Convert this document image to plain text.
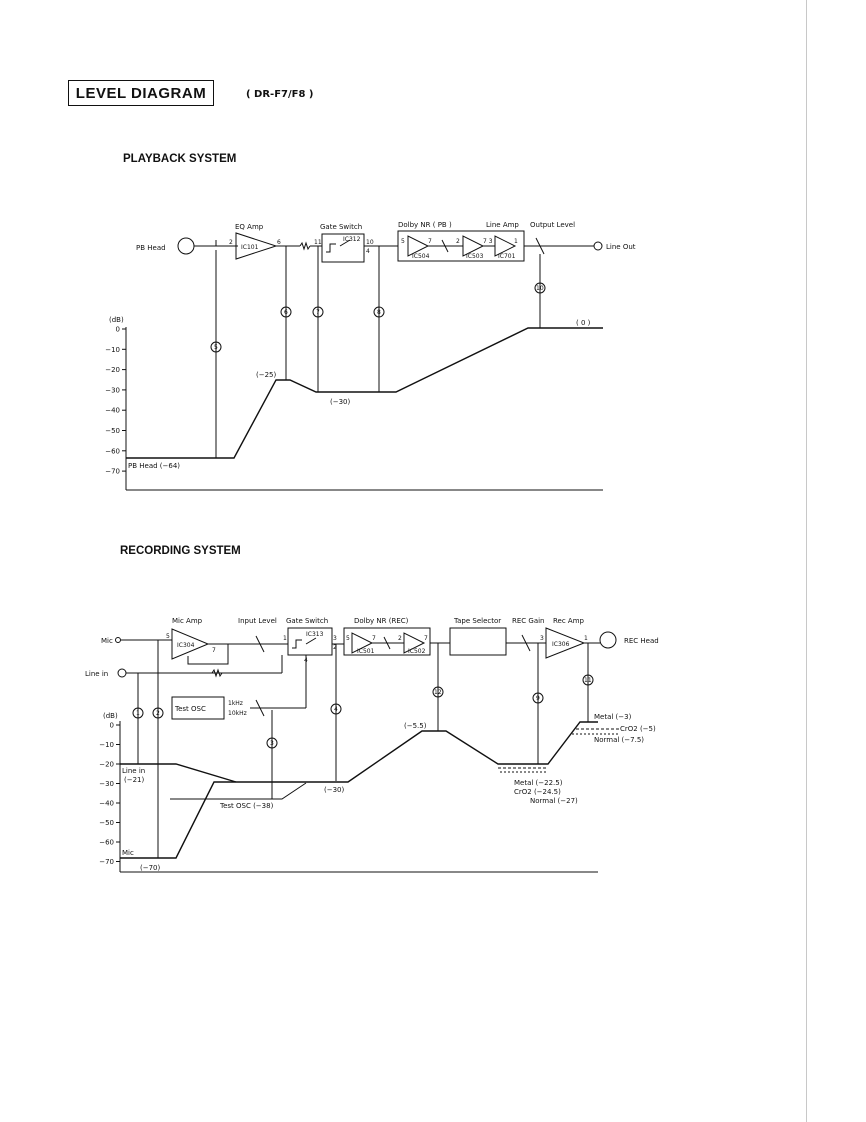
LEVEL DIAGRAM	( DR-F7/F8 )
PLAYBACK SYSTEM
RECORDING SYSTEM
PB Head
EQ Amp
IC101
2	6
Gate Switch
IC312
11	10
4
Dolby NR ( PB )	Line Amp Output Level
IC504	IC503 IC701
5	7	2	7 3	1
Line Out
5
6	7	8
10
(dB)
0
−10
−20
−30
−40
−50
−60
−70
PB Head (−64)
(−25)
(−30)
( 0 )
Mic
Line in
Mic Amp
IC304
5
7
Input Level Gate Switch
IC313
1	3
2
4
Test OSC
1kHz
10kHz
Dolby NR (REC)
IC501	IC502
5	7	2	7
Tape Selector REC Gain Rec Amp
IC306
3	1	REC Head
1	2
3
4
12
9
11
(dB)
0
−10
−20
−30
−40
−50
−60
−70
Line in
(−21)
Test OSC (−38)
Mic
(−70)
(−30)
(−5.5)
Metal (−22.5)
CrO2 (−24.5)
Normal (−27)
Metal (−3)
CrO2 (−5)
Normal (−7.5)
